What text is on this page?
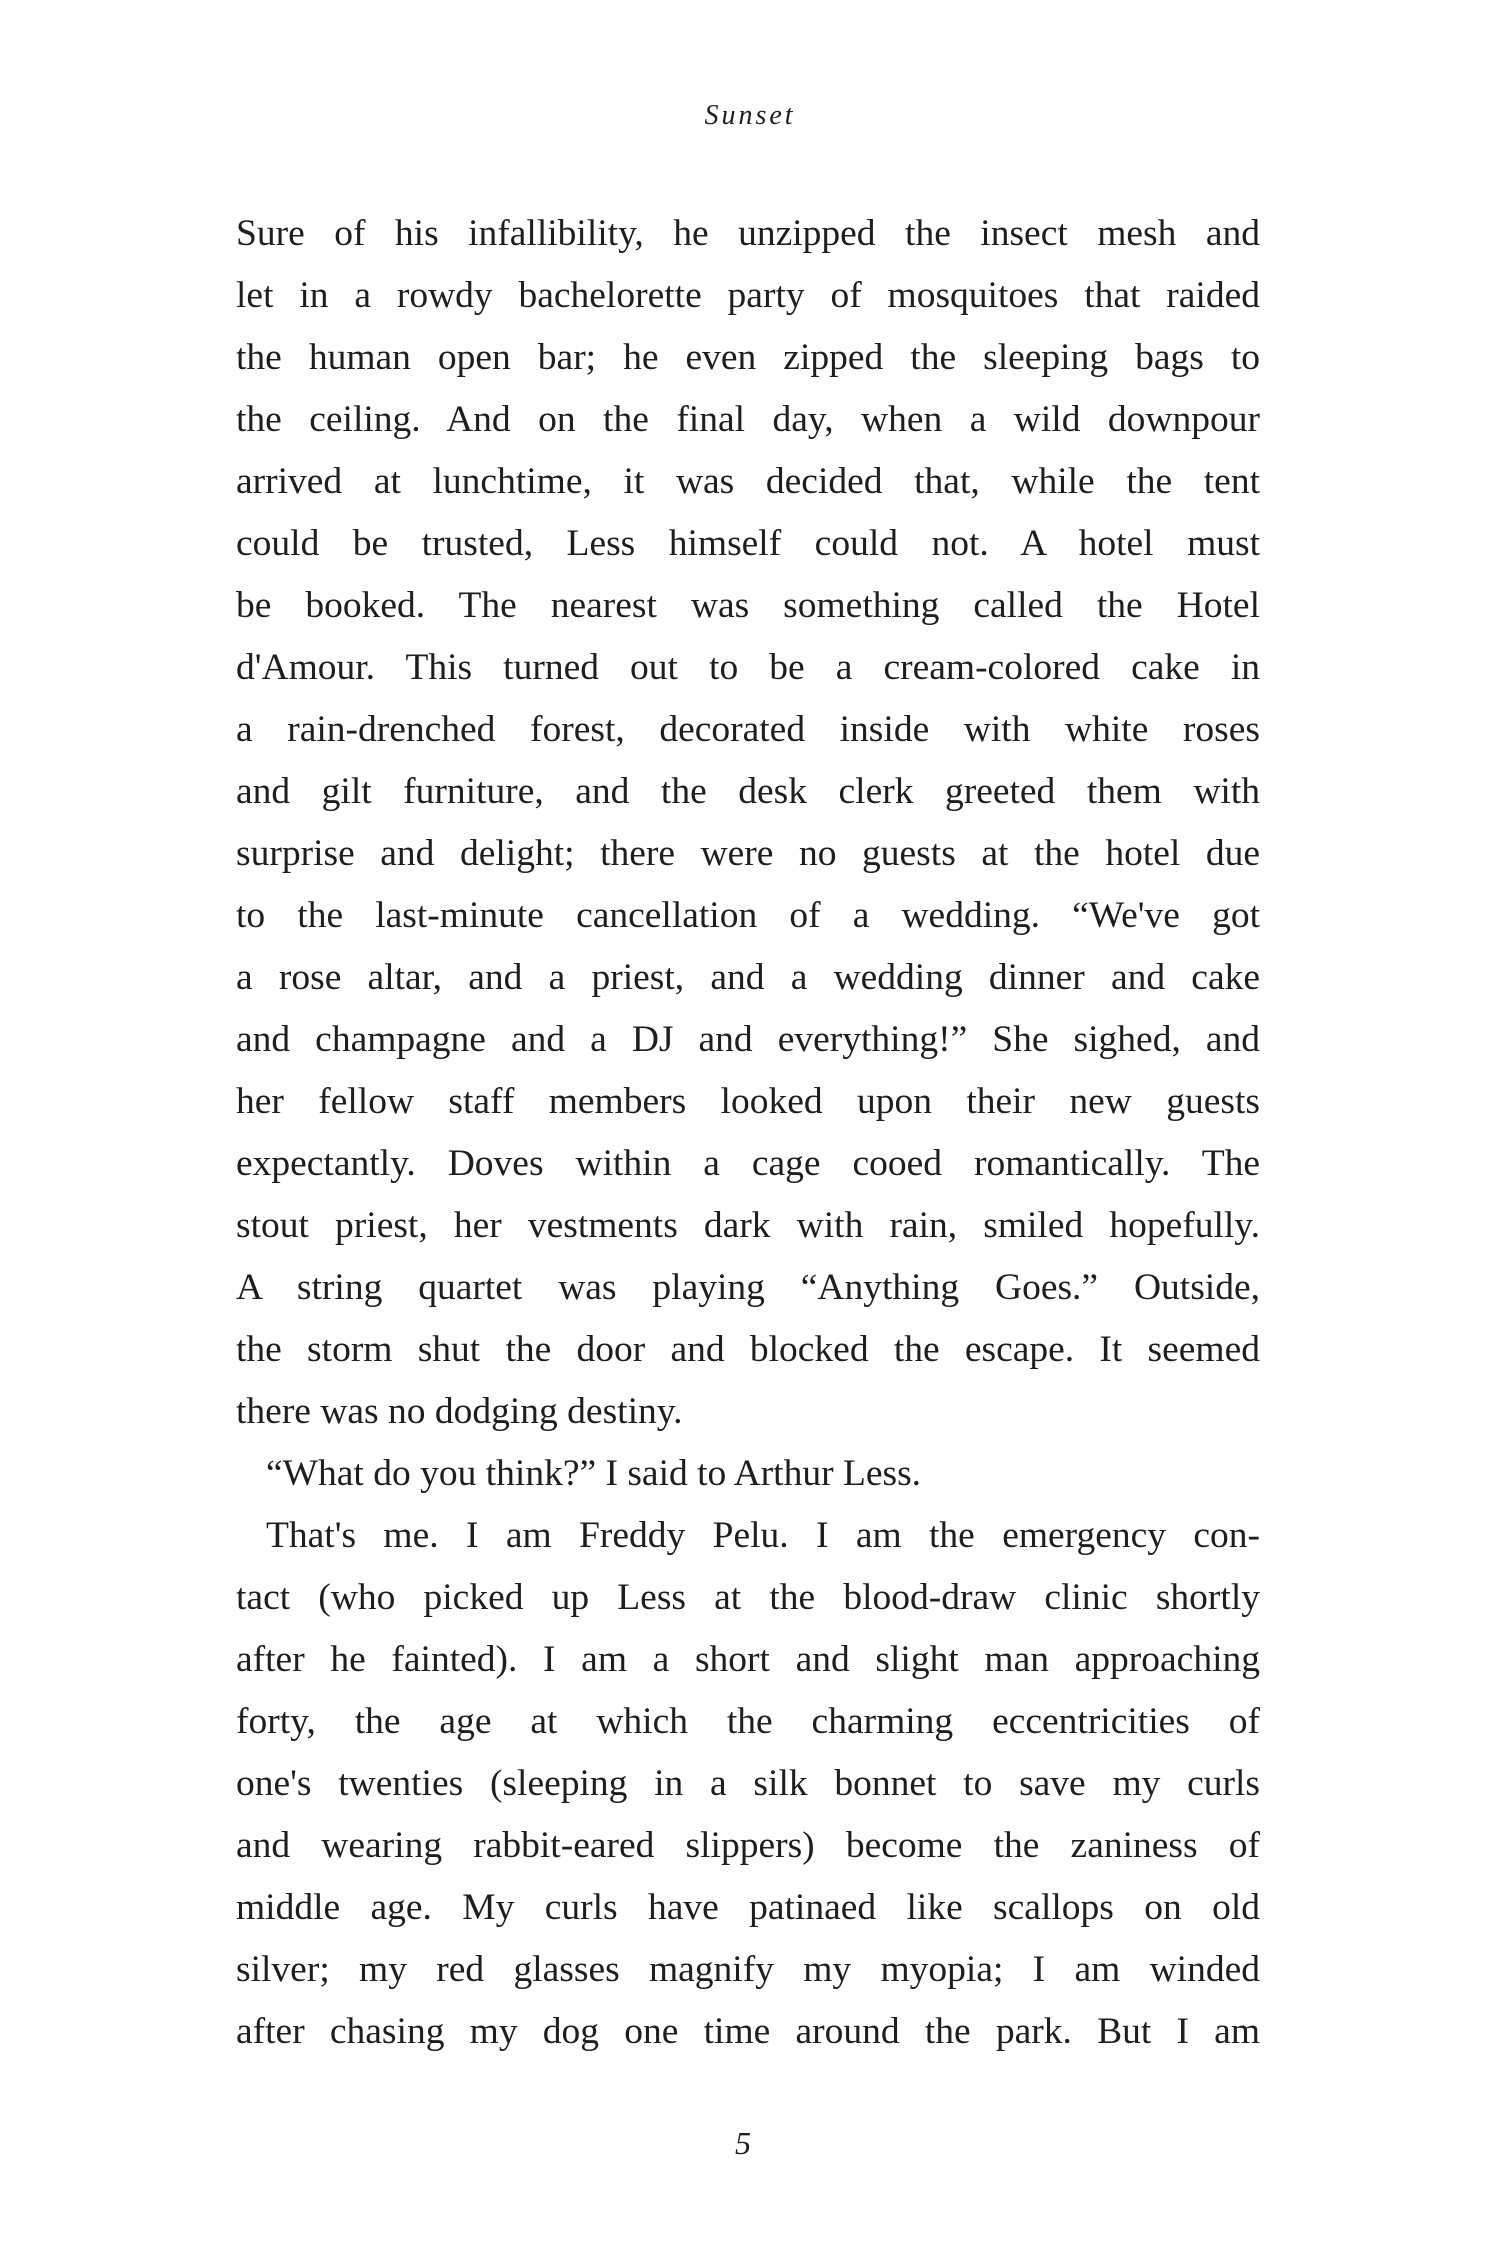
Sunset
Sure of his infallibility, he unzipped the insect mesh and
let in a rowdy bachelorette party of mosquitoes that raided
the human open bar; he even zipped the sleeping bags to
the ceiling. And on the final day, when a wild downpour
arrived at lunchtime, it was decided that, while the tent
could be trusted, Less himself could not. A hotel must
be booked. The nearest was something called the Hotel
d'Amour. This turned out to be a cream-colored cake in
a rain-drenched forest, decorated inside with white roses
and gilt furniture, and the desk clerk greeted them with
surprise and delight; there were no guests at the hotel due
to the last-minute cancellation of a wedding. “We've got
a rose altar, and a priest, and a wedding dinner and cake
and champagne and a DJ and everything!” She sighed, and
her fellow staff members looked upon their new guests
expectantly. Doves within a cage cooed romantically. The
stout priest, her vestments dark with rain, smiled hopefully.
A string quartet was playing “Anything Goes.” Outside,
the storm shut the door and blocked the escape. It seemed
there was no dodging destiny.
“What do you think?” I said to Arthur Less.
That's me. I am Freddy Pelu. I am the emergency con-
tact (who picked up Less at the blood-draw clinic shortly
after he fainted). I am a short and slight man approaching
forty, the age at which the charming eccentricities of
one's twenties (sleeping in a silk bonnet to save my curls
and wearing rabbit-eared slippers) become the zaniness of
middle age. My curls have patinaed like scallops on old
silver; my red glasses magnify my myopia; I am winded
after chasing my dog one time around the park. But I am
5
